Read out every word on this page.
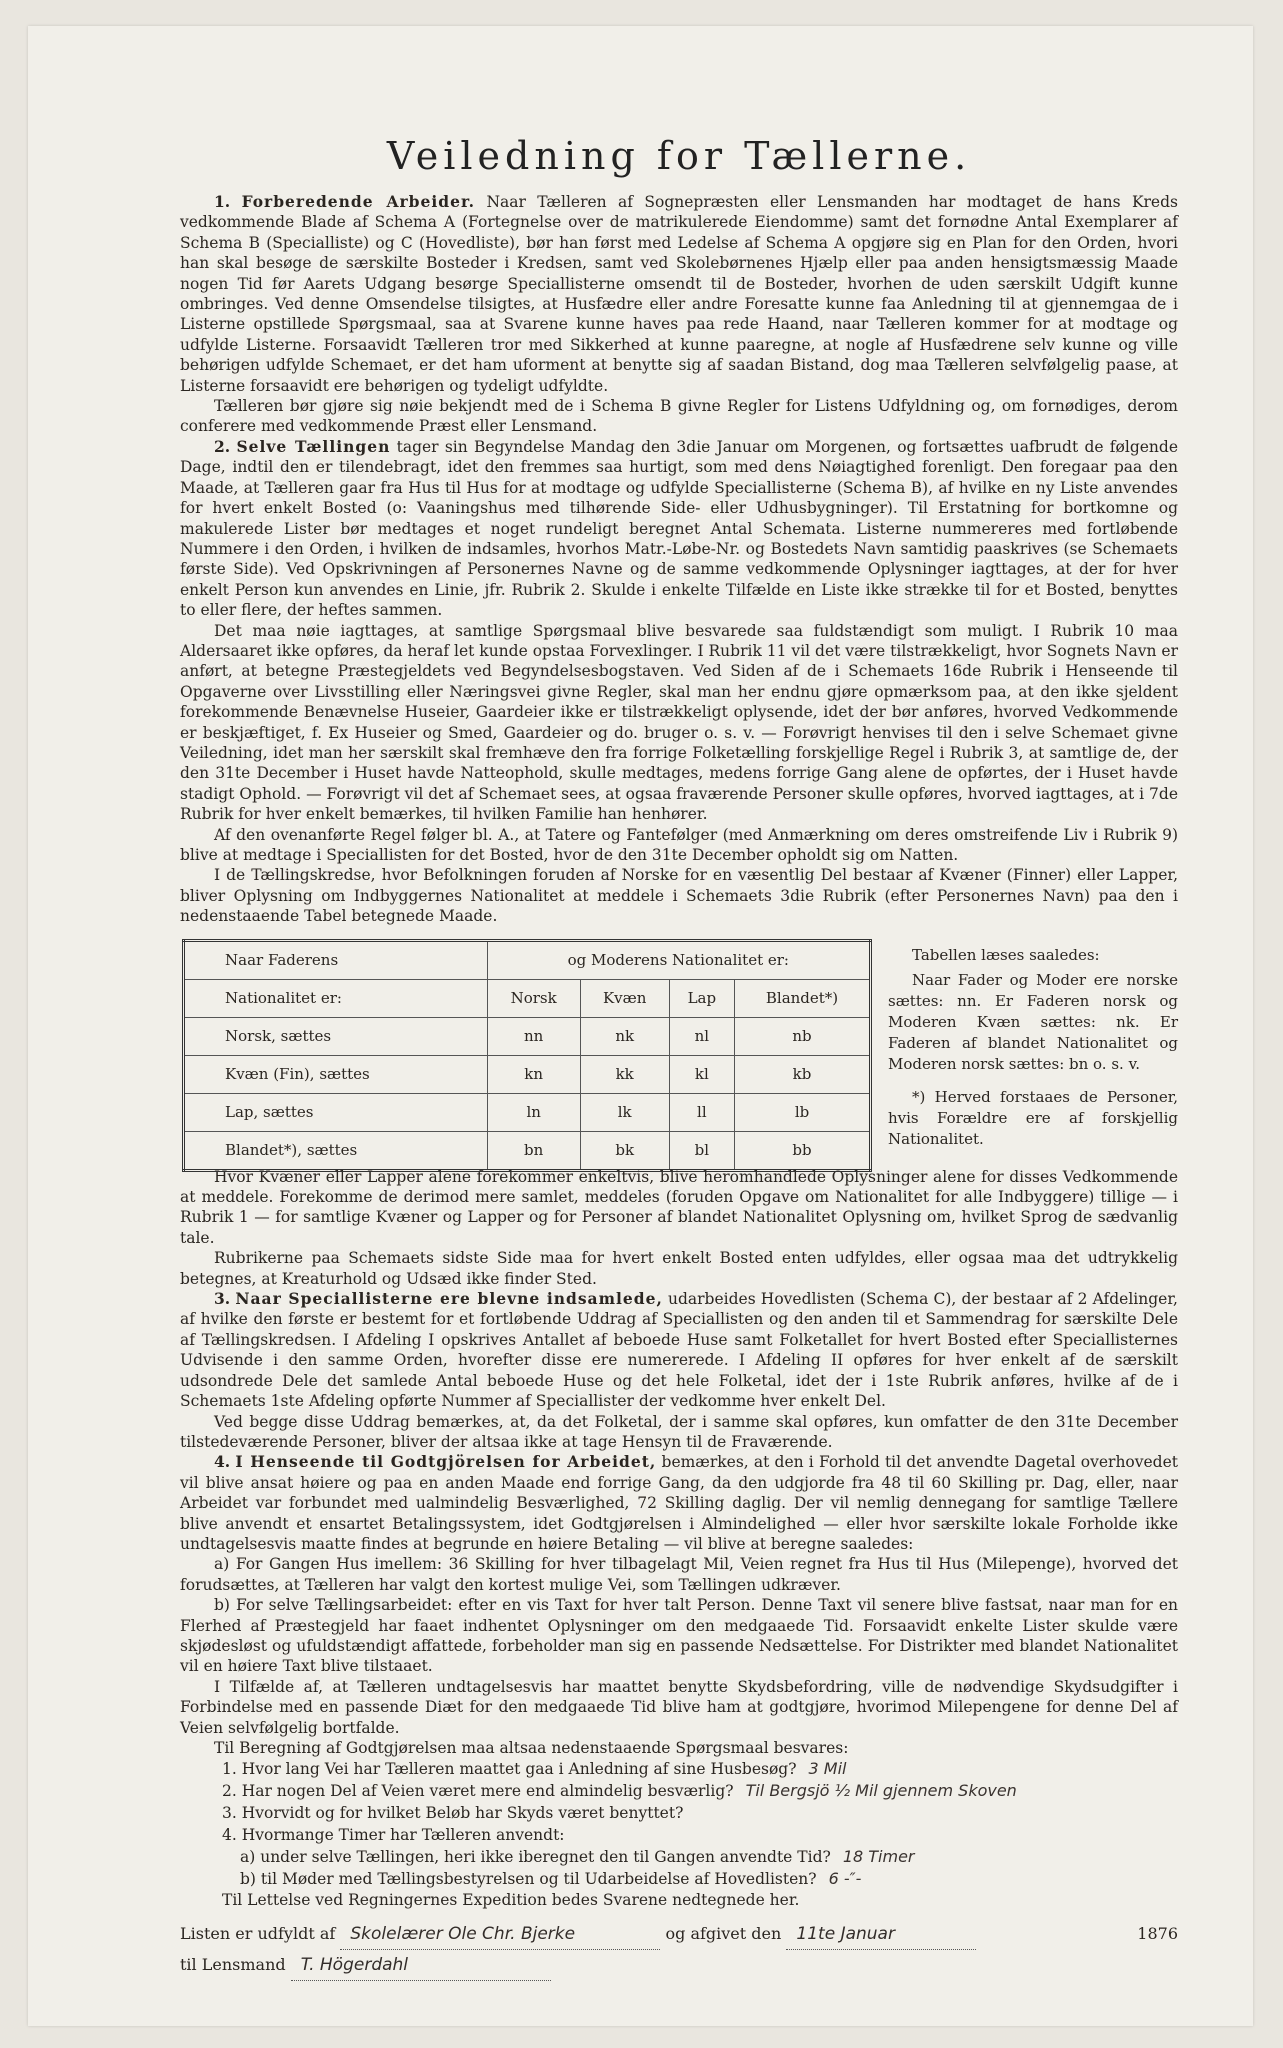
Veiledning for Tællerne.

1. Forberedende Arbeider. Naar Tælleren af Sognepræsten eller Lensmanden har modtaget de hans Kreds vedkommende Blade af Schema A (Fortegnelse over de matrikulerede Eiendomme) samt det fornødne Antal Exemplarer af Schema B (Specialliste) og C (Hovedliste), bør han først med Ledelse af Schema A opgjøre sig en Plan for den Orden, hvori han skal besøge de særskilte Bosteder i Kredsen, samt ved Skolebørnenes Hjælp eller paa anden hensigtsmæssig Maade nogen Tid før Aarets Udgang besørge Speciallisterne omsendt til de Bosteder, hvorhen de uden særskilt Udgift kunne ombringes. Ved denne Omsendelse tilsigtes, at Husfædre eller andre Foresatte kunne faa Anledning til at gjennemgaa de i Listerne opstillede Spørgsmaal, saa at Svarene kunne haves paa rede Haand, naar Tælleren kommer for at modtage og udfylde Listerne. Forsaavidt Tælleren tror med Sikkerhed at kunne paaregne, at nogle af Husfædrene selv kunne og ville behørigen udfylde Schemaet, er det ham uforment at benytte sig af saadan Bistand, dog maa Tælleren selvfølgelig paase, at Listerne forsaavidt ere behørigen og tydeligt udfyldte.

Tælleren bør gjøre sig nøie bekjendt med de i Schema B givne Regler for Listens Udfyldning og, om fornødiges, derom conferere med vedkommende Præst eller Lensmand.

2. Selve Tællingen tager sin Begyndelse Mandag den 3die Januar om Morgenen, og fortsættes uafbrudt de følgende Dage, indtil den er tilendebragt, idet den fremmes saa hurtigt, som med dens Nøiagtighed forenligt. Den foregaar paa den Maade, at Tælleren gaar fra Hus til Hus for at modtage og udfylde Speciallisterne (Schema B), af hvilke en ny Liste anvendes for hvert enkelt Bosted (o: Vaaningshus med tilhørende Side- eller Udhusbygninger). Til Erstatning for bortkomne og makulerede Lister bør medtages et noget rundeligt beregnet Antal Schemata. Listerne nummereres med fortløbende Nummere i den Orden, i hvilken de indsamles, hvorhos Matr.-Løbe-Nr. og Bostedets Navn samtidig paaskrives (se Schemaets første Side). Ved Opskrivningen af Personernes Navne og de samme vedkommende Oplysninger iagttages, at der for hver enkelt Person kun anvendes en Linie, jfr. Rubrik 2. Skulde i enkelte Tilfælde en Liste ikke strække til for et Bosted, benyttes to eller flere, der heftes sammen.

Det maa nøie iagttages, at samtlige Spørgsmaal blive besvarede saa fuldstændigt som muligt. I Rubrik 10 maa Aldersaaret ikke opføres, da heraf let kunde opstaa Forvexlinger. I Rubrik 11 vil det være tilstrækkeligt, hvor Sognets Navn er anført, at betegne Præstegjeldets ved Begyndelsesbogstaven. Ved Siden af de i Schemaets 16de Rubrik i Henseende til Opgaverne over Livsstilling eller Næringsvei givne Regler, skal man her endnu gjøre opmærksom paa, at den ikke sjeldent forekommende Benævnelse Huseier, Gaardeier ikke er tilstrækkeligt oplysende, idet der bør anføres, hvorved Vedkommende er beskjæftiget, f. Ex Huseier og Smed, Gaardeier og do. bruger o. s. v. — Forøvrigt henvises til den i selve Schemaet givne Veiledning, idet man her særskilt skal fremhæve den fra forrige Folketælling forskjellige Regel i Rubrik 3, at samtlige de, der den 31te December i Huset havde Natteophold, skulle medtages, medens forrige Gang alene de opførtes, der i Huset havde stadigt Ophold. — Forøvrigt vil det af Schemaet sees, at ogsaa fraværende Personer skulle opføres, hvorved iagttages, at i 7de Rubrik for hver enkelt bemærkes, til hvilken Familie han henhører.

Af den ovenanførte Regel følger bl. A., at Tatere og Fantefølger (med Anmærkning om deres omstreifende Liv i Rubrik 9) blive at medtage i Speciallisten for det Bosted, hvor de den 31te December opholdt sig om Natten.

I de Tællingskredse, hvor Befolkningen foruden af Norske for en væsentlig Del bestaar af Kvæner (Finner) eller Lapper, bliver Oplysning om Indbyggernes Nationalitet at meddele i Schemaets 3die Rubrik (efter Personernes Navn) paa den i nedenstaaende Tabel betegnede Maade.

Naar Faderens	og Moderens Nationalitet er:			
Nationalitet er:	Norsk	Kvæn	Lap	Blandet*)
Norsk, sættes	nn	nk	nl	nb
Kvæn (Fin), sættes	kn	kk	kl	kb
Lap, sættes	ln	lk	ll	lb
Blandet*), sættes	bn	bk	bl	bb

Tabellen læses saaledes:

Naar Fader og Moder ere norske sættes: nn. Er Faderen norsk og Moderen Kvæn sættes: nk. Er Faderen af blandet Nationalitet og Moderen norsk sættes: bn o. s. v.

*) Herved forstaaes de Personer, hvis Forældre ere af forskjellig Nationalitet.

Hvor Kvæner eller Lapper alene forekommer enkeltvis, blive heromhandlede Oplysninger alene for disses Vedkommende at meddele. Forekomme de derimod mere samlet, meddeles (foruden Opgave om Nationalitet for alle Indbyggere) tillige — i Rubrik 1 — for samtlige Kvæner og Lapper og for Personer af blandet Nationalitet Oplysning om, hvilket Sprog de sædvanlig tale.

Rubrikerne paa Schemaets sidste Side maa for hvert enkelt Bosted enten udfyldes, eller ogsaa maa det udtrykkelig betegnes, at Kreaturhold og Udsæd ikke finder Sted.

3. Naar Speciallisterne ere blevne indsamlede, udarbeides Hovedlisten (Schema C), der bestaar af 2 Afdelinger, af hvilke den første er bestemt for et fortløbende Uddrag af Speciallisten og den anden til et Sammendrag for særskilte Dele af Tællingskredsen. I Afdeling I opskrives Antallet af beboede Huse samt Folketallet for hvert Bosted efter Speciallisternes Udvisende i den samme Orden, hvorefter disse ere numererede. I Afdeling II opføres for hver enkelt af de særskilt udsondrede Dele det samlede Antal beboede Huse og det hele Folketal, idet der i 1ste Rubrik anføres, hvilke af de i Schemaets 1ste Afdeling opførte Nummer af Speciallister der vedkomme hver enkelt Del.

Ved begge disse Uddrag bemærkes, at, da det Folketal, der i samme skal opføres, kun omfatter de den 31te December tilstedeværende Personer, bliver der altsaa ikke at tage Hensyn til de Fraværende.

4. I Henseende til Godtgjörelsen for Arbeidet, bemærkes, at den i Forhold til det anvendte Dagetal overhovedet vil blive ansat høiere og paa en anden Maade end forrige Gang, da den udgjorde fra 48 til 60 Skilling pr. Dag, eller, naar Arbeidet var forbundet med ualmindelig Besværlighed, 72 Skilling daglig. Der vil nemlig dennegang for samtlige Tællere blive anvendt et ensartet Betalingssystem, idet Godtgjørelsen i Almindelighed — eller hvor særskilte lokale Forholde ikke undtagelsesvis maatte findes at begrunde en høiere Betaling — vil blive at beregne saaledes:

a) For Gangen Hus imellem: 36 Skilling for hver tilbagelagt Mil, Veien regnet fra Hus til Hus (Milepenge), hvorved det forudsættes, at Tælleren har valgt den kortest mulige Vei, som Tællingen udkræver.

b) For selve Tællingsarbeidet: efter en vis Taxt for hver talt Person. Denne Taxt vil senere blive fastsat, naar man for en Flerhed af Præstegjeld har faaet indhentet Oplysninger om den medgaaede Tid. Forsaavidt enkelte Lister skulde være skjødesløst og ufuldstændigt affattede, forbeholder man sig en passende Nedsættelse. For Distrikter med blandet Nationalitet vil en høiere Taxt blive tilstaaet.

I Tilfælde af, at Tælleren undtagelsesvis har maattet benytte Skydsbefordring, ville de nødvendige Skydsudgifter i Forbindelse med en passende Diæt for den medgaaede Tid blive ham at godtgjøre, hvorimod Milepengene for denne Del af Veien selvfølgelig bortfalde.

Til Beregning af Godtgjørelsen maa altsaa nedenstaaende Spørgsmaal besvares:

1. Hvor lang Vei har Tælleren maattet gaa i Anledning af sine Husbesøg? 3 Mil

2. Har nogen Del af Veien været mere end almindelig besværlig? Til Bergsjö ½ Mil gjennem Skoven

3. Hvorvidt og for hvilket Beløb har Skyds været benyttet?

4. Hvormange Timer har Tælleren anvendt:

a) under selve Tællingen, heri ikke iberegnet den til Gangen anvendte Tid? 18 Timer

b) til Møder med Tællingsbestyrelsen og til Udarbeidelse af Hovedlisten? 6 -″-

Til Lettelse ved Regningernes Expedition bedes Svarene nedtegnede her.

Listen er udfyldt af Skolelærer Ole Chr. Bjerke	og afgivet den 11te Januar	1876

til Lensmand T. Högerdahl
